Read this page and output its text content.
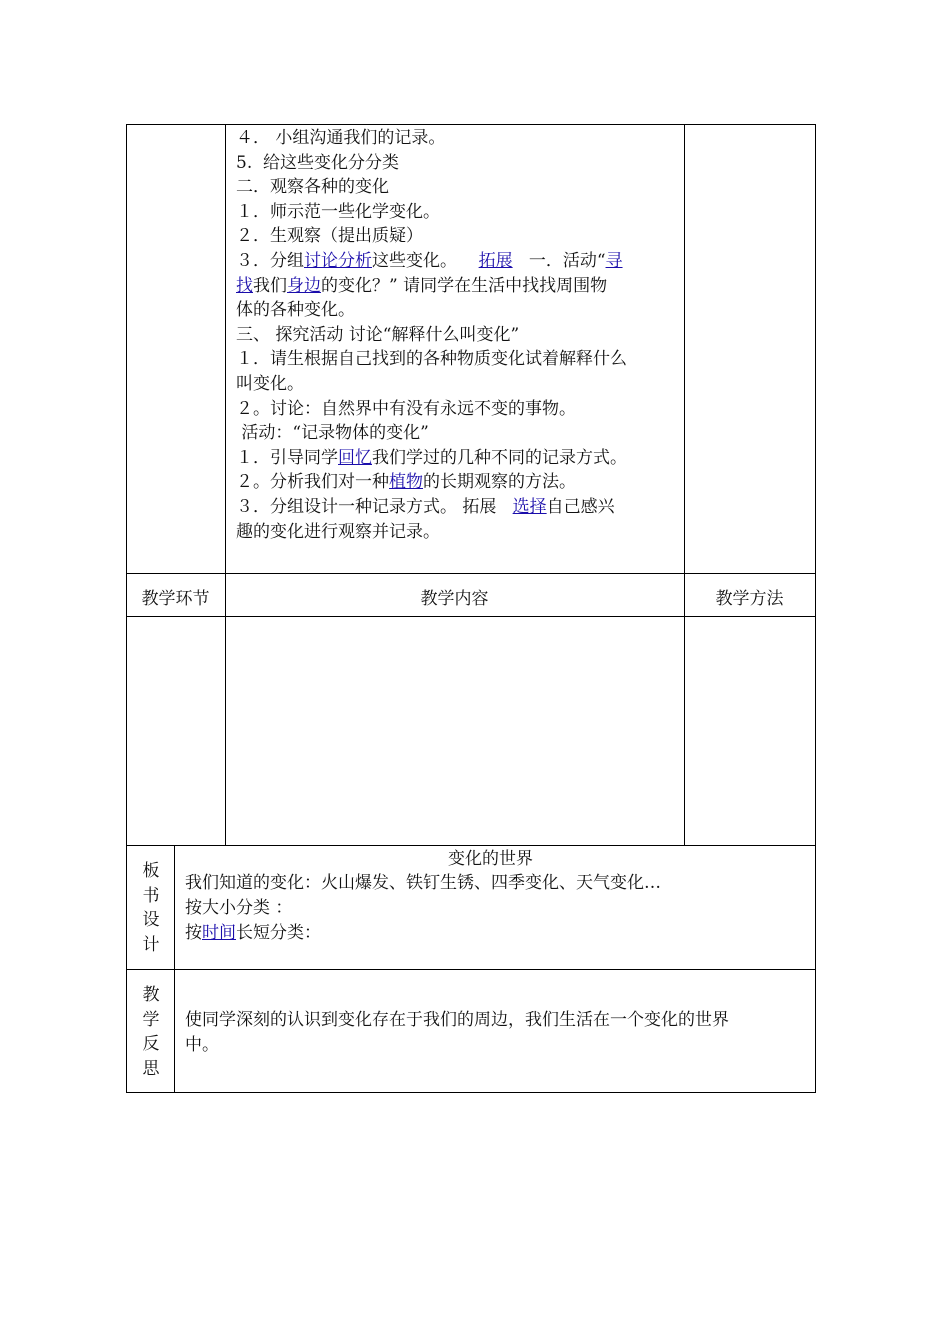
４． 小组沟通我们的记录。

5.  给这些变化分分类

二．观察各种的变化

１．师示范一些化学变化。

２．生观察（提出质疑）

３．分组讨论分析这些变化。    拓展   一．活动“寻

找我们身边的变化？” 请同学在生活中找找周围物

体的各种变化。

三、 探究活动 讨论“解释什么叫变化”

１．请生根据自己找到的各种物质变化试着解释什么

叫变化。

２。讨论：自然界中有没有永远不变的事物。

活动：“记录物体的变化”

１．引导同学回忆我们学过的几种不同的记录方式。

２。分析我们对一种植物的长期观察的方法。

３．分组设计一种记录方式。 拓展   选择自己感兴

趣的变化进行观察并记录。

教学环节	教学内容	教学方法
板
书
设
计
变化的世界
我们知道的变化：火山爆发、铁钉生锈、四季变化、天气变化…
按大小分类 ：
按时间长短分类：
教
学
反
思
使同学深刻的认识到变化存在于我们的周边，我们生活在一个变化的世界
中。
